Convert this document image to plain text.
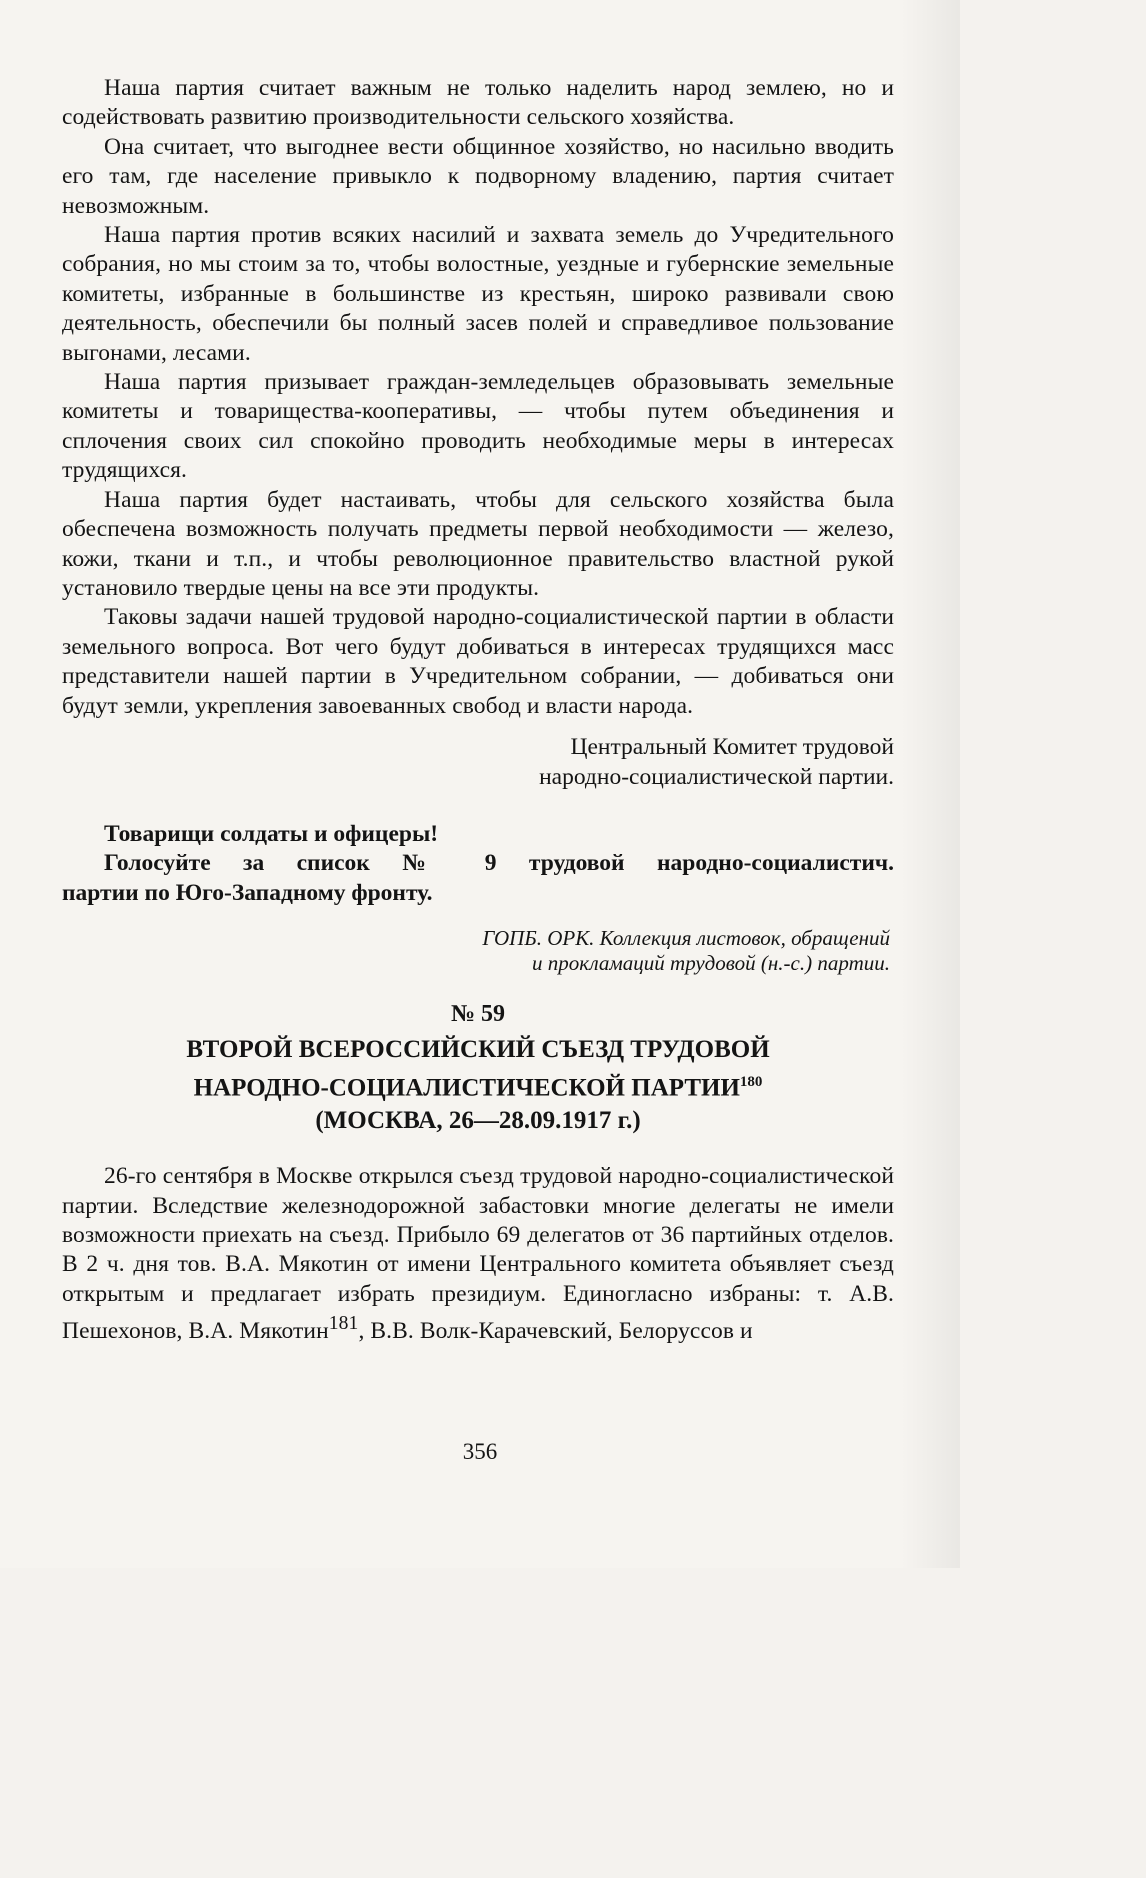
Наша партия считает важным не только наделить народ землею, но и содействовать развитию производительности сельского хозяйства.

Она считает, что выгоднее вести общинное хозяйство, но насильно вводить его там, где население привыкло к подворному владению, партия считает невозможным.

Наша партия против всяких насилий и захвата земель до Учредительного собрания, но мы стоим за то, чтобы волостные, уездные и губернские земельные комитеты, избранные в большинстве из крестьян, широко развивали свою деятельность, обеспечили бы полный засев полей и справедливое пользование выгонами, лесами.

Наша партия призывает граждан-земледельцев образовывать земельные комитеты и товарищества-кооперативы, — чтобы путем объединения и сплочения своих сил спокойно проводить необходимые меры в интересах трудящихся.

Наша партия будет настаивать, чтобы для сельского хозяйства была обеспечена возможность получать предметы первой необходимости — железо, кожи, ткани и т.п., и чтобы революционное правительство властной рукой установило твердые цены на все эти продукты.

Таковы задачи нашей трудовой народно-социалистической партии в области земельного вопроса. Вот чего будут добиваться в интересах трудящихся масс представители нашей партии в Учредительном собрании, — добиваться они будут земли, укрепления завоеванных свобод и власти народа.

Центральный Комитет трудовой
народно-социалистической партии.
Товарищи солдаты и офицеры!
Голосуйте за список № 9 трудовой народно-социалистич.
партии по Юго-Западному фронту.
ГОПБ. ОРК. Коллекция листовок, обращений
и прокламаций трудовой (н.-с.) партии.
№ 59
ВТОРОЙ ВСЕРОССИЙСКИЙ СЪЕЗД ТРУДОВОЙ
НАРОДНО-СОЦИАЛИСТИЧЕСКОЙ ПАРТИИ$^{180}$
(МОСКВА, 26—28.09.1917 г.)

26-го сентября в Москве открылся съезд трудовой народно-социалистической партии. Вследствие железнодорожной забастовки многие делегаты не имели возможности приехать на съезд. Прибыло 69 делегатов от 36 партийных отделов. В 2 ч. дня тов. В.А. Мякотин от имени Центрального комитета объявляет съезд открытым и предлагает избрать президиум. Единогласно избраны: т. А.В. Пешехонов, В.А. Мякотин$^{181}$, В.В. Волк-Карачевский, Белоруссов и

356
